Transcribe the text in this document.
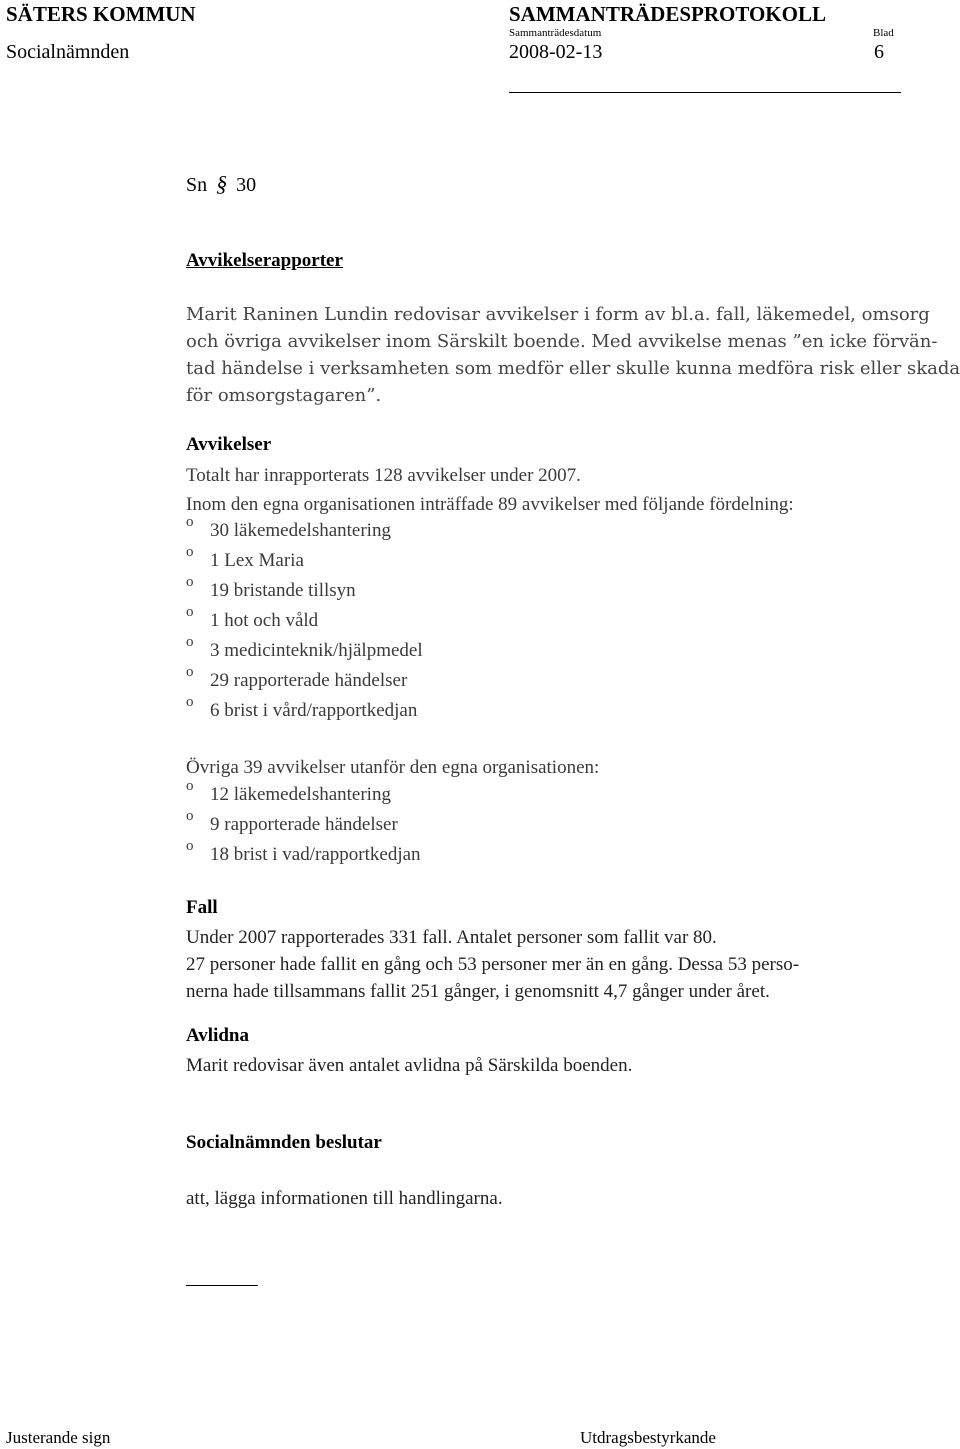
SÄTERS KOMMUN	SAMMANTRÄDESPROTOKOLL
Sammanträdesdatum	Blad
Socialnämnden	2008-02-13	6
Sn § 30
Avvikelserapporter
Marit Raninen Lundin redovisar avvikelser i form av bl.a. fall, läkemedel, omsorg
och övriga avvikelser inom Särskilt boende. Med avvikelse menas ”en icke förvän-
tad händelse i verksamheten som medför eller skulle kunna medföra risk eller skada
för omsorgstagaren”.
Avvikelser
Totalt har inrapporterats 128 avvikelser under 2007.
Inom den egna organisationen inträffade 89 avvikelser med följande fördelning:
o 30 läkemedelshantering
o 1 Lex Maria
o 19 bristande tillsyn
o 1 hot och våld
o 3 medicinteknik/hjälpmedel
o 29 rapporterade händelser
o 6 brist i vård/rapportkedjan
Övriga 39 avvikelser utanför den egna organisationen:
o 12 läkemedelshantering
o 9 rapporterade händelser
o 18 brist i vad/rapportkedjan
Fall
Under 2007 rapporterades 331 fall. Antalet personer som fallit var 80.
27 personer hade fallit en gång och 53 personer mer än en gång. Dessa 53 perso-
nerna hade tillsammans fallit 251 gånger, i genomsnitt 4,7 gånger under året.
Avlidna
Marit redovisar även antalet avlidna på Särskilda boenden.
Socialnämnden beslutar
att, lägga informationen till handlingarna.
Justerande sign	Utdragsbestyrkande
